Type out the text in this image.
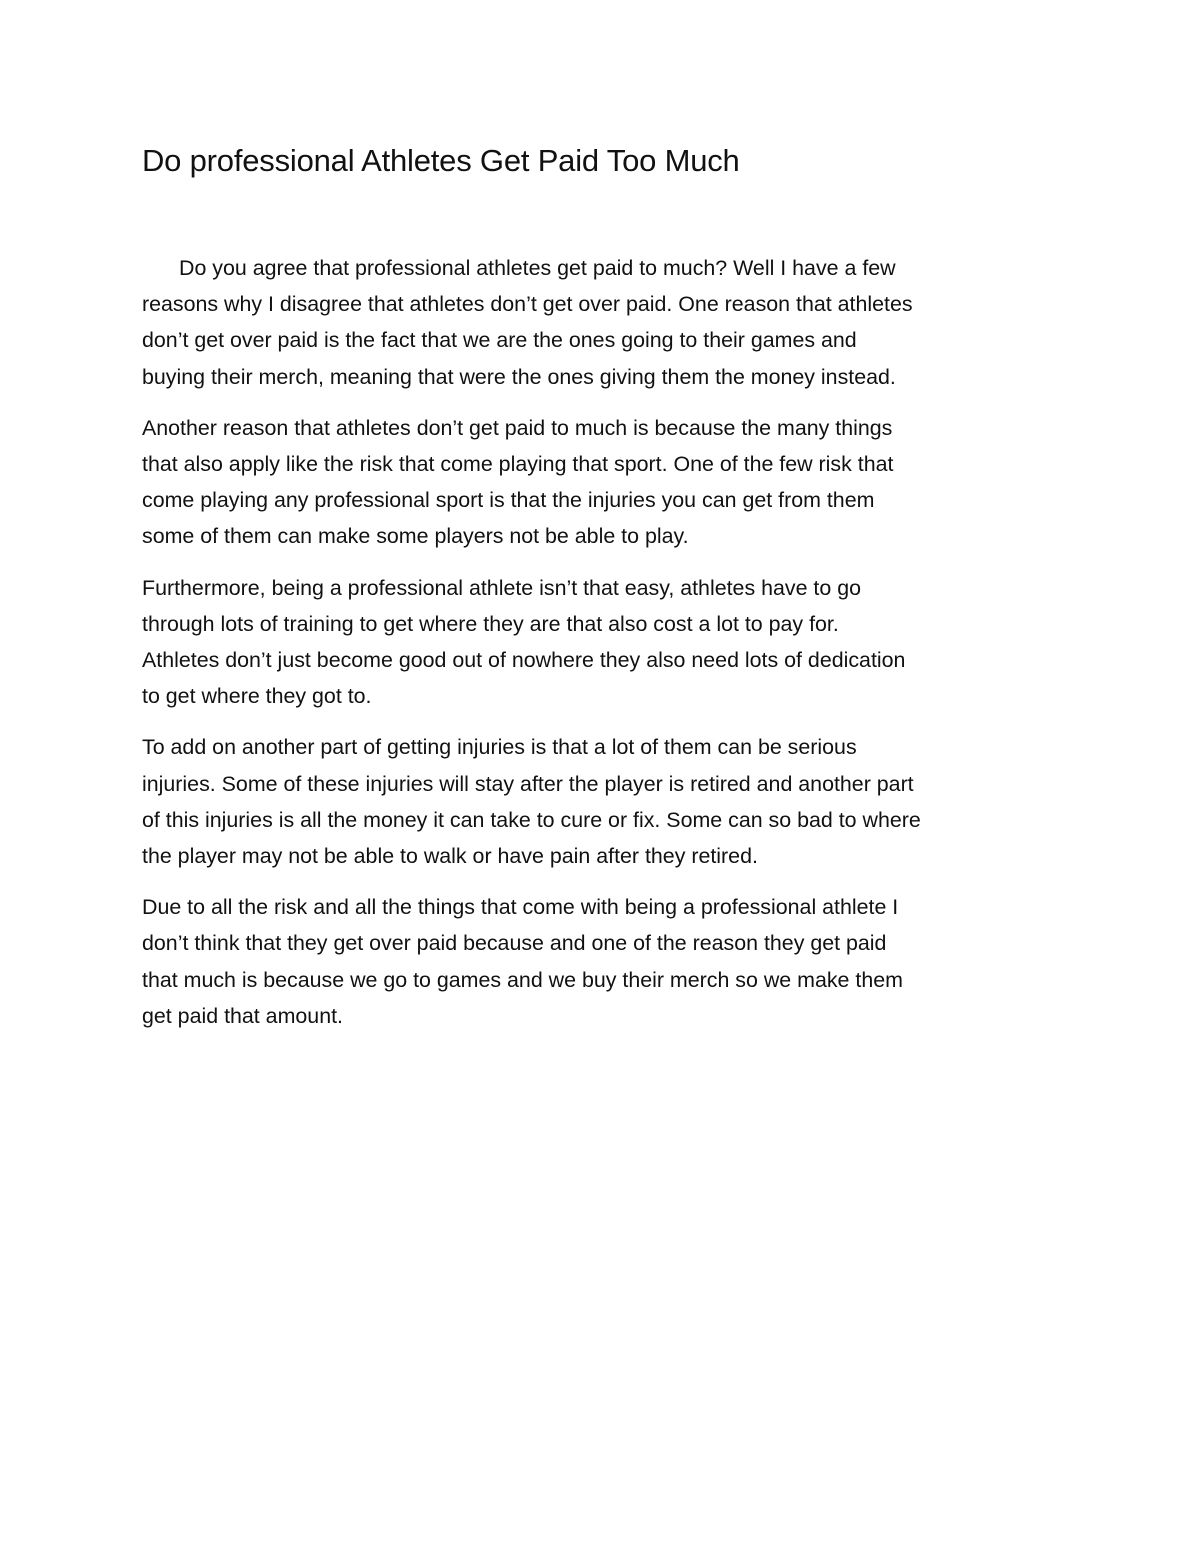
Do professional Athletes Get Paid Too Much

Do you agree that professional athletes get paid to much? Well I have a few
reasons why I disagree that athletes don’t get over paid. One reason that athletes
don’t get over paid is the fact that we are the ones going to their games and
buying their merch, meaning that were the ones giving them the money instead.

Another reason that athletes don’t get paid to much is because the many things
that also apply like the risk that come playing that sport. One of the few risk that
come playing any professional sport is that the injuries you can get from them
some of them can make some players not be able to play.

Furthermore, being a professional athlete isn’t that easy, athletes have to go
through lots of training to get where they are that also cost a lot to pay for.
Athletes don’t just become good out of nowhere they also need lots of dedication
to get where they got to.

To add on another part of getting injuries is that a lot of them can be serious
injuries. Some of these injuries will stay after the player is retired and another part
of this injuries is all the money it can take to cure or fix. Some can so bad to where
the player may not be able to walk or have pain after they retired.

Due to all the risk and all the things that come with being a professional athlete I
don’t think that they get over paid because and one of the reason they get paid
that much is because we go to games and we buy their merch so we make them
get paid that amount.
